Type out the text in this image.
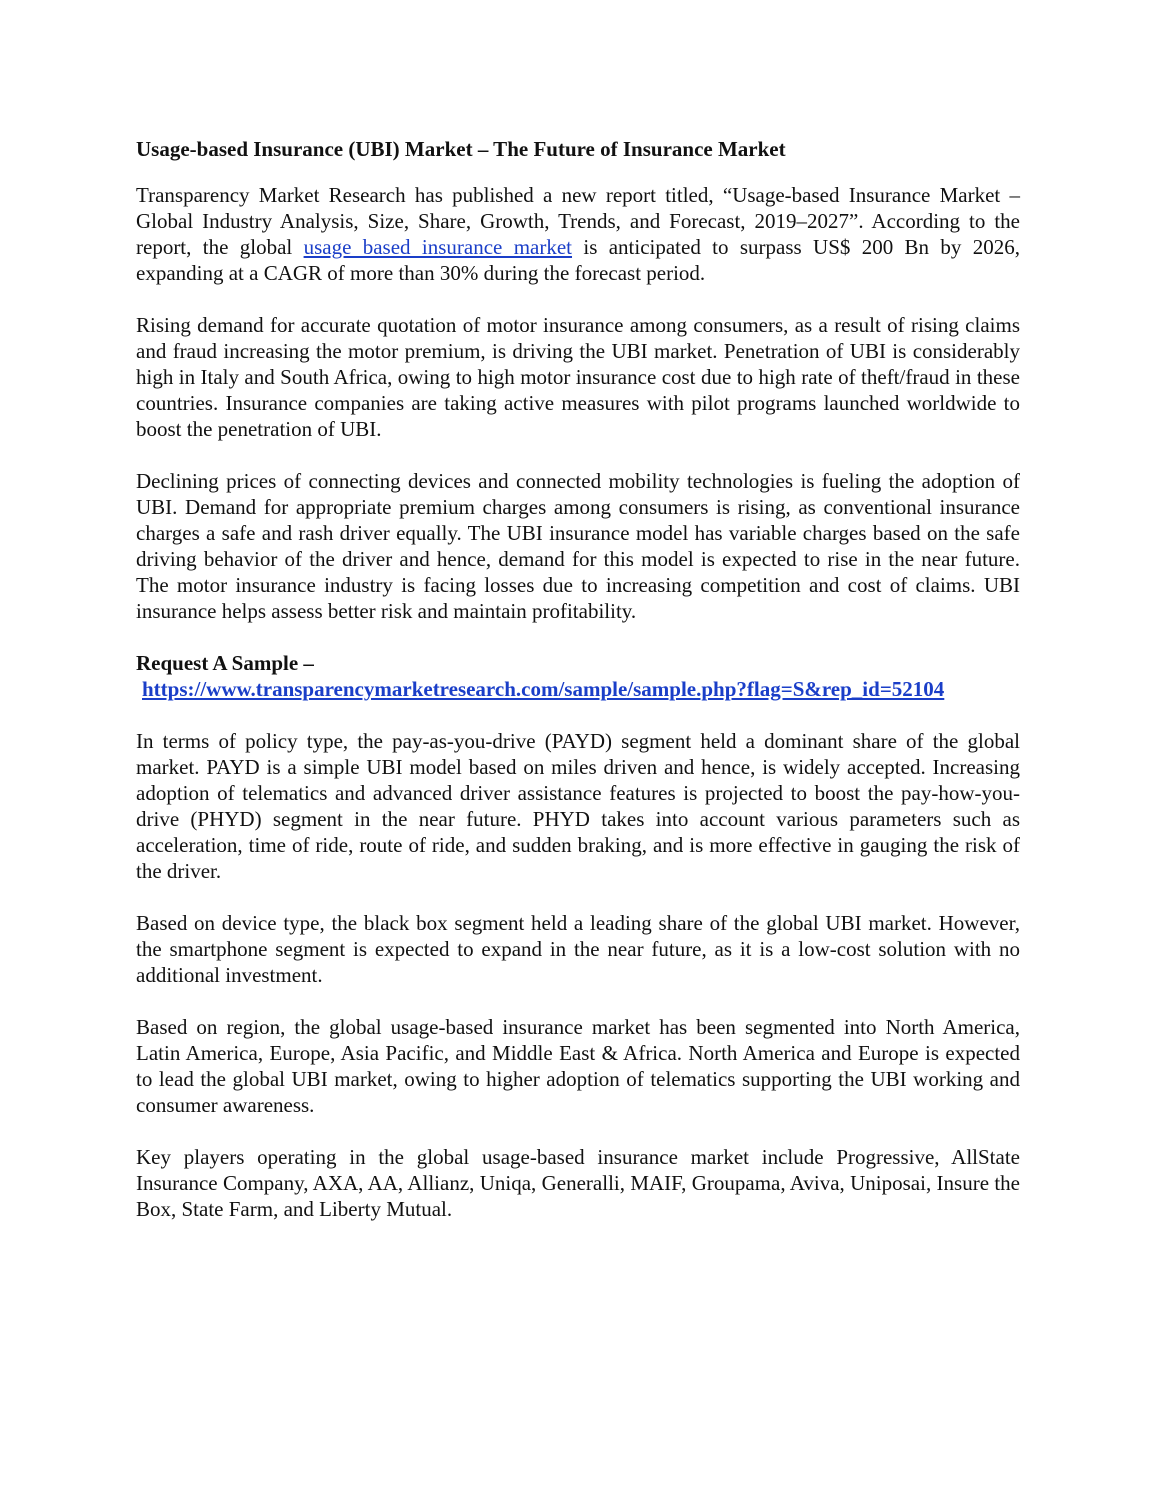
Usage-based Insurance (UBI) Market – The Future of Insurance Market

Transparency Market Research has published a new report titled, “Usage-based Insurance Market – Global Industry Analysis, Size, Share, Growth, Trends, and Forecast, 2019–2027”. According to the report, the global usage based insurance market is anticipated to surpass US$ 200 Bn by 2026, expanding at a CAGR of more than 30% during the forecast period.

Rising demand for accurate quotation of motor insurance among consumers, as a result of rising claims and fraud increasing the motor premium, is driving the UBI market. Penetration of UBI is considerably high in Italy and South Africa, owing to high motor insurance cost due to high rate of theft/fraud in these countries. Insurance companies are taking active measures with pilot programs launched worldwide to boost the penetration of UBI.

Declining prices of connecting devices and connected mobility technologies is fueling the adoption of UBI. Demand for appropriate premium charges among consumers is rising, as conventional insurance charges a safe and rash driver equally. The UBI insurance model has variable charges based on the safe driving behavior of the driver and hence, demand for this model is expected to rise in the near future. The motor insurance industry is facing losses due to increasing competition and cost of claims. UBI insurance helps assess better risk and maintain profitability.

Request A Sample –
https://www.transparencymarketresearch.com/sample/sample.php?flag=S&rep_id=52104

In terms of policy type, the pay-as-you-drive (PAYD) segment held a dominant share of the global market. PAYD is a simple UBI model based on miles driven and hence, is widely accepted. Increasing adoption of telematics and advanced driver assistance features is projected to boost the pay-how-you-drive (PHYD) segment in the near future. PHYD takes into account various parameters such as acceleration, time of ride, route of ride, and sudden braking, and is more effective in gauging the risk of the driver.

Based on device type, the black box segment held a leading share of the global UBI market. However, the smartphone segment is expected to expand in the near future, as it is a low-cost solution with no additional investment.

Based on region, the global usage-based insurance market has been segmented into North America, Latin America, Europe, Asia Pacific, and Middle East & Africa. North America and Europe is expected to lead the global UBI market, owing to higher adoption of telematics supporting the UBI working and consumer awareness.

Key players operating in the global usage-based insurance market include Progressive, AllState Insurance Company, AXA, AA, Allianz, Uniqa, Generalli, MAIF, Groupama, Aviva, Uniposai, Insure the Box, State Farm, and Liberty Mutual.
